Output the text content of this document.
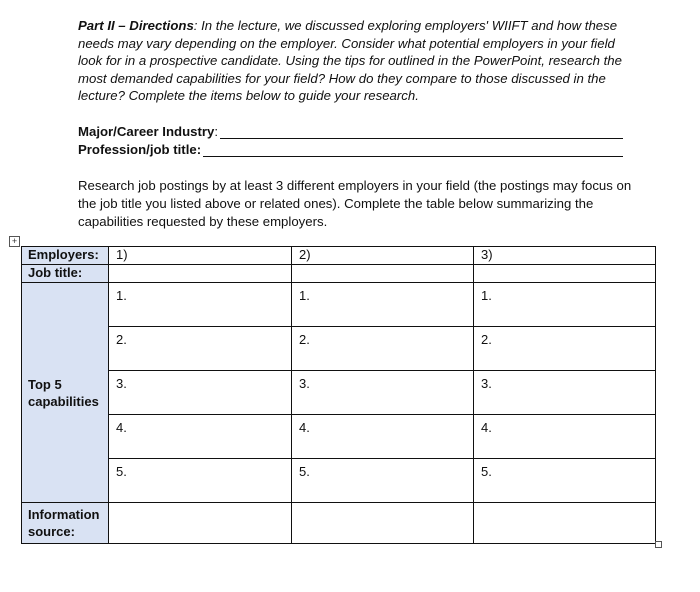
Part II – Directions: In the lecture, we discussed exploring employers' WIIFT and how these needs may vary depending on the employer. Consider what potential employers in your field look for in a prospective candidate. Using the tips for outlined in the PowerPoint, research the most demanded capabilities for your field? How do they compare to those discussed in the lecture? Complete the items below to guide your research.
Major/Career Industry :
Profession/job title:
Research job postings by at least 3 different employers in your field (the postings may focus on the job title you listed above or related ones). Complete the table below summarizing the capabilities requested by these employers.
+
Employers:	1)	2)	3)
Job title:			
Top 5 capabilities	1.	1.	1.
	2.	2.	2.
	3.	3.	3.
	4.	4.	4.
	5.	5.	5.
Information source:			
